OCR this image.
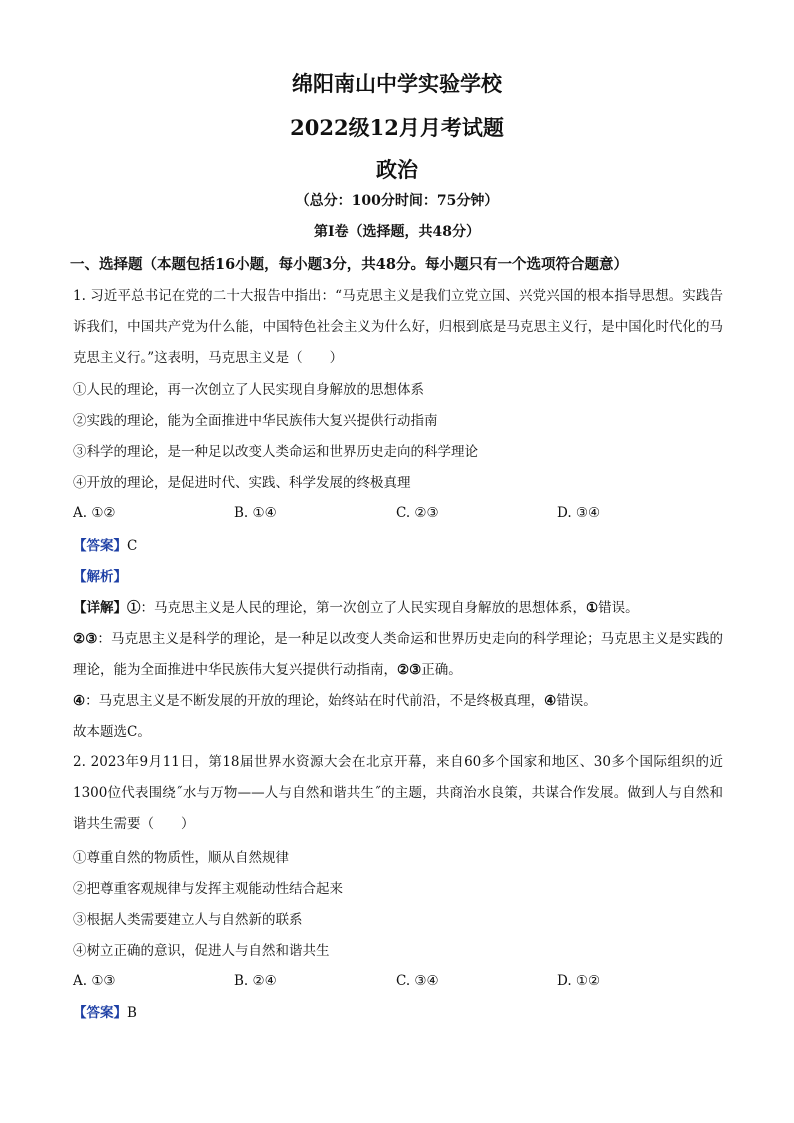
绵阳南山中学实验学校
2022级12月月考试题
政治
（总分：100分时间：75分钟）
第Ⅰ卷（选择题，共48分）
一、选择题（本题包括16小题，每小题3分，共48分。每小题只有一个选项符合题意）
1. 习近平总书记在党的二十大报告中指出：“马克思主义是我们立党立国、兴党兴国的根本指导思想。实践告诉我们，中国共产党为什么能，中国特色社会主义为什么好，归根到底是马克思主义行，是中国化时代化的马克思主义行。”这表明，马克思主义是（　　）
①人民的理论，再一次创立了人民实现自身解放的思想体系
②实践的理论，能为全面推进中华民族伟大复兴提供行动指南
③科学的理论，是一种足以改变人类命运和世界历史走向的科学理论
④开放的理论，是促进时代、实践、科学发展的终极真理
A. ①②	B. ①④	C. ②③	D. ③④
【答案】C
【解析】
【详解】①：马克思主义是人民的理论，第一次创立了人民实现自身解放的思想体系，①错误。
②③：马克思主义是科学的理论，是一种足以改变人类命运和世界历史走向的科学理论；马克思主义是实践的理论，能为全面推进中华民族伟大复兴提供行动指南，②③正确。
④：马克思主义是不断发展的开放的理论，始终站在时代前沿，不是终极真理，④错误。
故本题选C。
2. 2023年9月11日，第18届世界水资源大会在北京开幕，来自60多个国家和地区、30多个国际组织的近1300位代表围绕˝水与万物——人与自然和谐共生˝的主题，共商治水良策，共谋合作发展。做到人与自然和谐共生需要（　　）
①尊重自然的物质性，顺从自然规律
②把尊重客观规律与发挥主观能动性结合起来
③根据人类需要建立人与自然新的联系
④树立正确的意识，促进人与自然和谐共生
A. ①③	B. ②④	C. ③④	D. ①②
【答案】B
